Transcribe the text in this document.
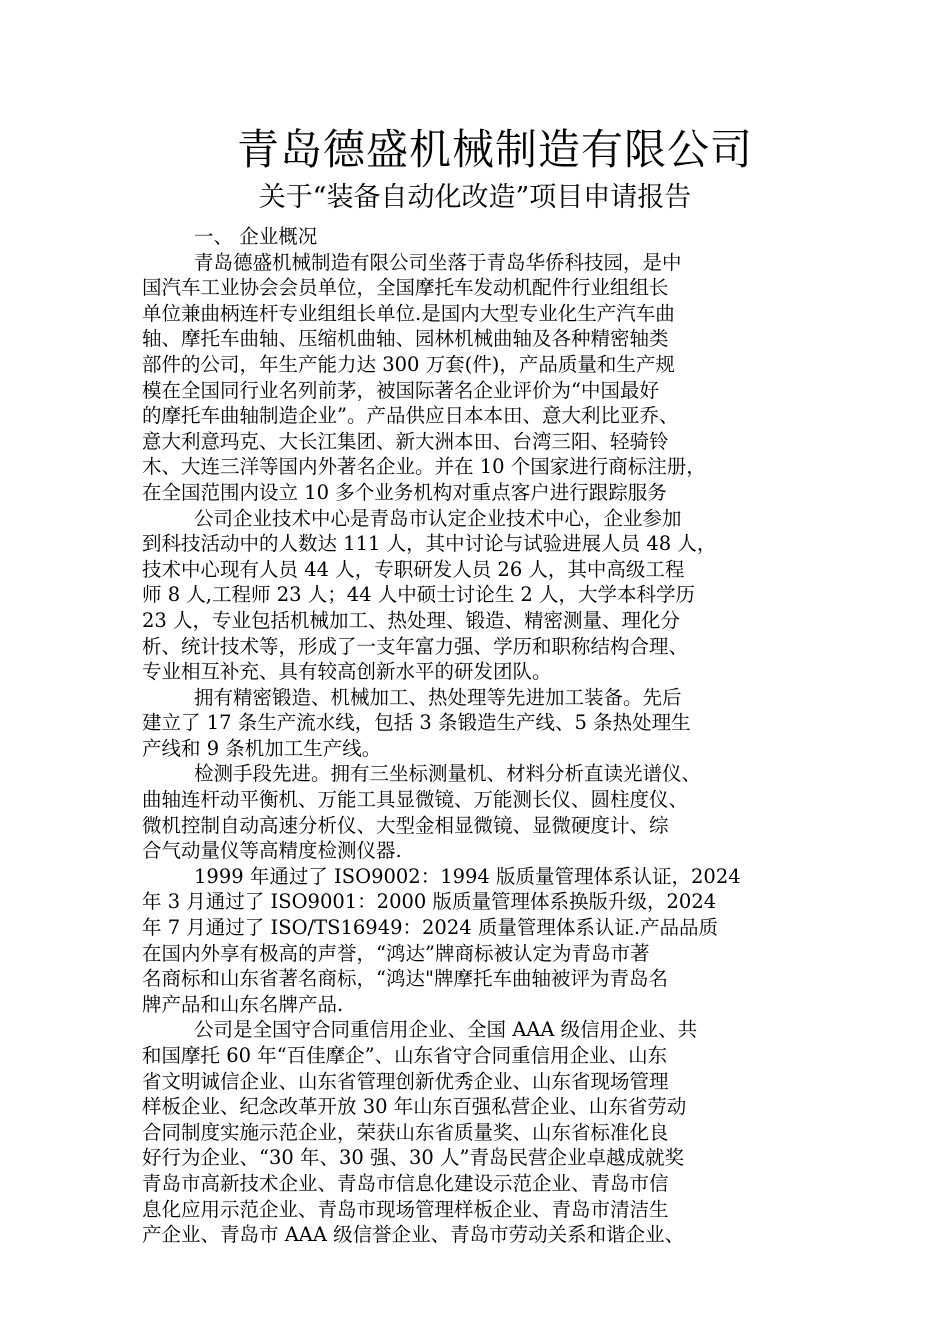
青岛德盛机械制造有限公司
关于“装备自动化改造”项目申请报告
一、 企业概况
青岛德盛机械制造有限公司坐落于青岛华侨科技园，是中
国汽车工业协会会员单位，全国摩托车发动机配件行业组组长
单位兼曲柄连杆专业组组长单位.是国内大型专业化生产汽车曲
轴、摩托车曲轴、压缩机曲轴、园林机械曲轴及各种精密轴类
部件的公司，年生产能力达 300 万套(件)，产品质量和生产规
模在全国同行业名列前茅，被国际著名企业评价为“中国最好
的摩托车曲轴制造企业”。产品供应日本本田、意大利比亚乔、
意大利意玛克、大长江集团、新大洲本田、台湾三阳、轻骑铃
木、大连三洋等国内外著名企业。并在 10 个国家进行商标注册，
在全国范围内设立 10 多个业务机构对重点客户进行跟踪服务
公司企业技术中心是青岛市认定企业技术中心，企业参加
到科技活动中的人数达 111 人，其中讨论与试验进展人员 48 人，
技术中心现有人员 44 人，专职研发人员 26 人，其中高级工程
师 8 人,工程师 23 人；44 人中硕士讨论生 2 人，大学本科学历
23 人，专业包括机械加工、热处理、锻造、精密测量、理化分
析、统计技术等，形成了一支年富力强、学历和职称结构合理、
专业相互补充、具有较高创新水平的研发团队。
拥有精密锻造、机械加工、热处理等先进加工装备。先后
建立了 17 条生产流水线，包括 3 条锻造生产线、5 条热处理生
产线和 9 条机加工生产线。
检测手段先进。拥有三坐标测量机、材料分析直读光谱仪、
曲轴连杆动平衡机、万能工具显微镜、万能测长仪、圆柱度仪、
微机控制自动高速分析仪、大型金相显微镜、显微硬度计、综
合气动量仪等高精度检测仪器.
1999 年通过了 ISO9002：1994 版质量管理体系认证，2024
年 3 月通过了 ISO9001：2000 版质量管理体系换版升级，2024
年 7 月通过了 ISO/TS16949：2024 质量管理体系认证.产品品质
在国内外享有极高的声誉，“鸿达”牌商标被认定为青岛市著
名商标和山东省著名商标，“鸿达"牌摩托车曲轴被评为青岛名
牌产品和山东名牌产品.
公司是全国守合同重信用企业、全国 AAA 级信用企业、共
和国摩托 60 年“百佳摩企”、山东省守合同重信用企业、山东
省文明诚信企业、山东省管理创新优秀企业、山东省现场管理
样板企业、纪念改革开放 30 年山东百强私营企业、山东省劳动
合同制度实施示范企业，荣获山东省质量奖、山东省标准化良
好行为企业、“30 年、30 强、30 人”青岛民营企业卓越成就奖
青岛市高新技术企业、青岛市信息化建设示范企业、青岛市信
息化应用示范企业、青岛市现场管理样板企业、青岛市清洁生
产企业、青岛市 AAA 级信誉企业、青岛市劳动关系和谐企业、
